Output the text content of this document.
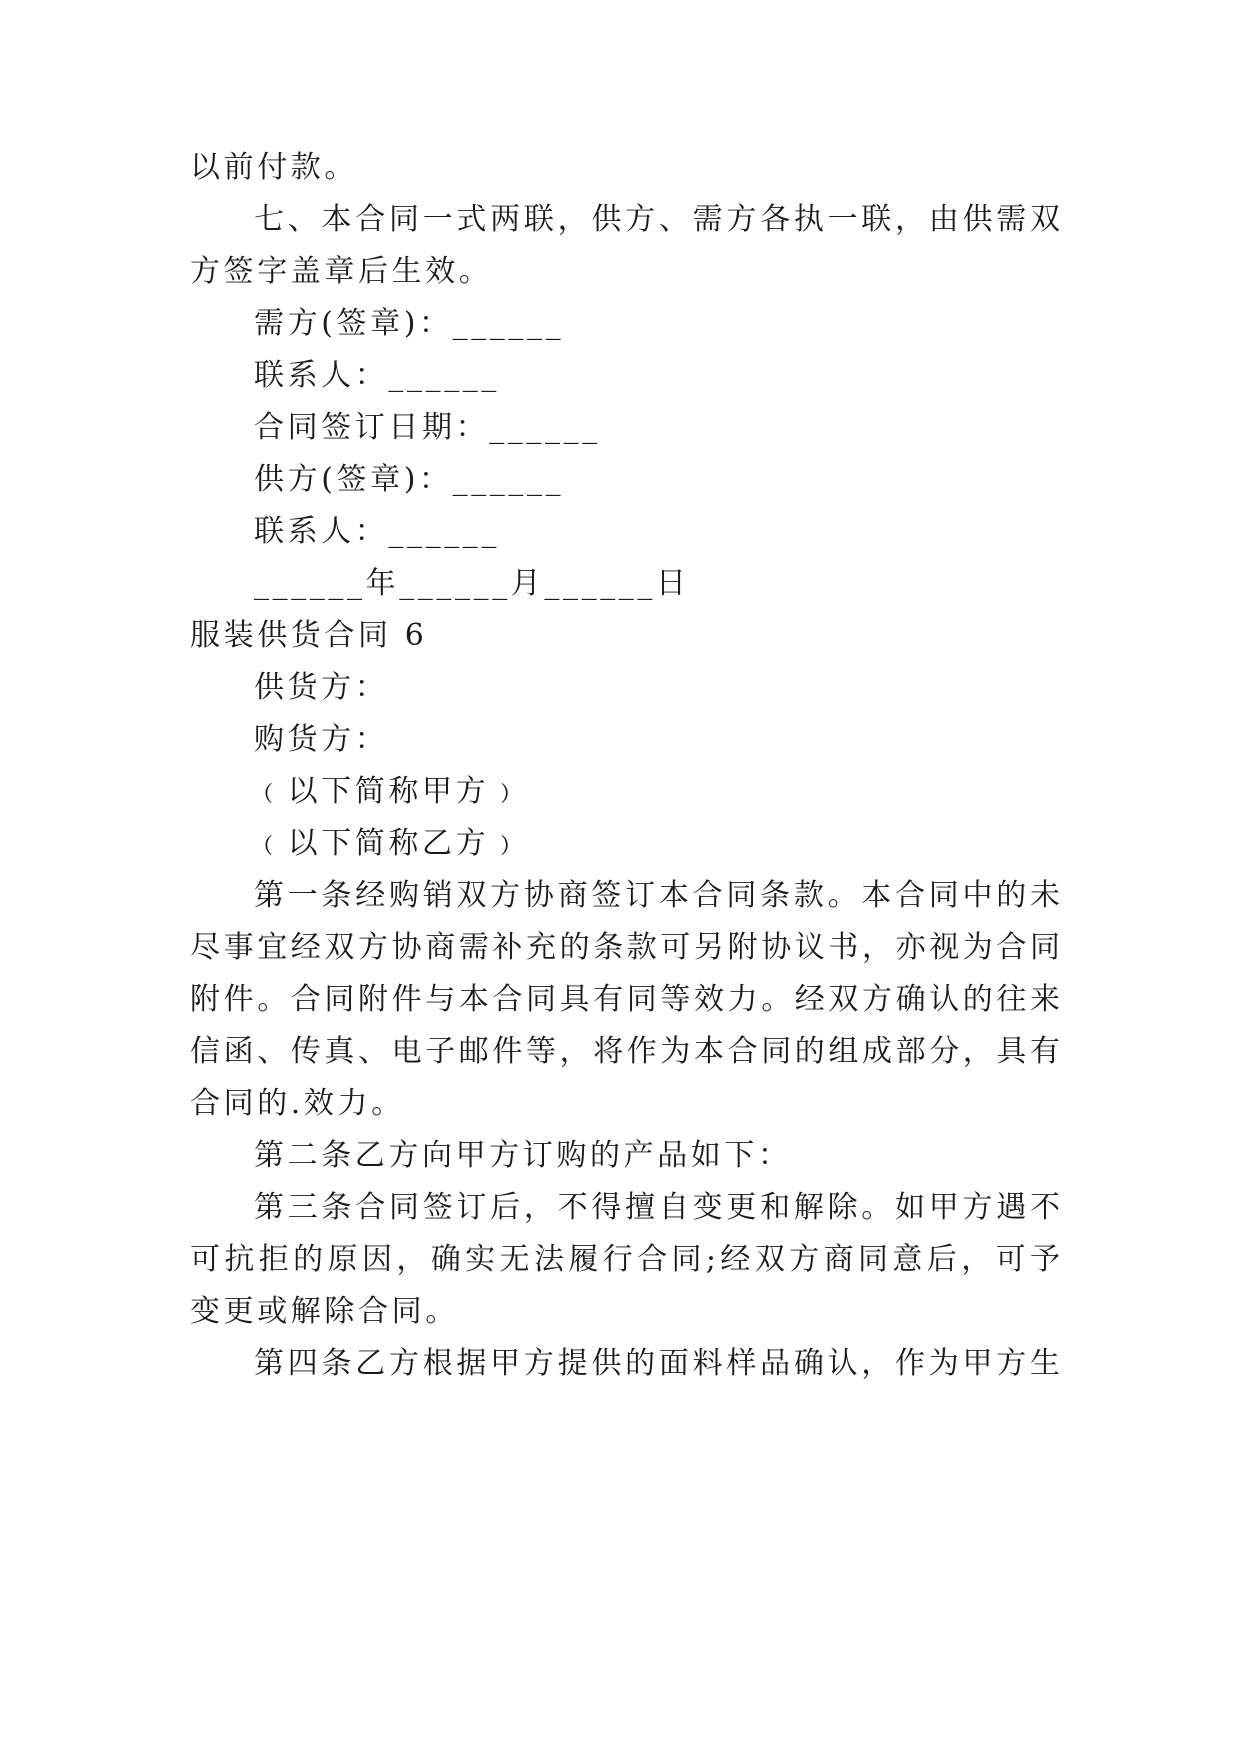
以前付款。
七、本合同一式两联，供方、需方各执一联，由供需双
方签字盖章后生效。
需方(签章)：______
联系人：______
合同签订日期：______
供方(签章)：______
联系人：______
______年______月______日
服装供货合同 6
供货方：
购货方：
﹙以下简称甲方﹚
﹙以下简称乙方﹚
第一条经购销双方协商签订本合同条款。本合同中的未
尽事宜经双方协商需补充的条款可另附协议书，亦视为合同
附件。合同附件与本合同具有同等效力。经双方确认的往来
信函、传真、电子邮件等，将作为本合同的组成部分，具有
合同的.效力。
第二条乙方向甲方订购的产品如下：
第三条合同签订后，不得擅自变更和解除。如甲方遇不
可抗拒的原因，确实无法履行合同;经双方商同意后，可予
变更或解除合同。
第四条乙方根据甲方提供的面料样品确认，作为甲方生
